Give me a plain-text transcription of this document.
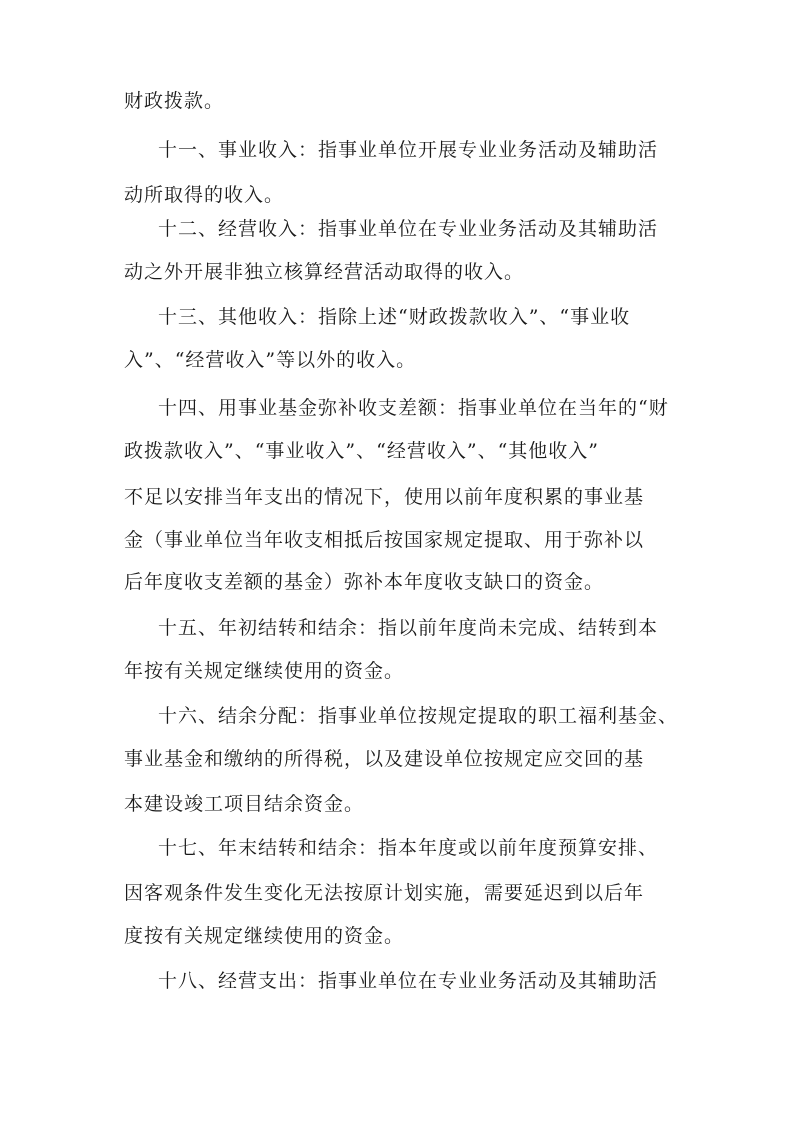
财政拨款。

十一、事业收入：指事业单位开展专业业务活动及辅助活

动所取得的收入。

十二、经营收入：指事业单位在专业业务活动及其辅助活

动之外开展非独立核算经营活动取得的收入。

十三、其他收入：指除上述“财政拨款收入”、“事业收

入”、“经营收入”等以外的收入。

十四、用事业基金弥补收支差额：指事业单位在当年的“财

政拨款收入”、“事业收入”、“经营收入”、“其他收入”

不足以安排当年支出的情况下，使用以前年度积累的事业基

金（事业单位当年收支相抵后按国家规定提取、用于弥补以

后年度收支差额的基金）弥补本年度收支缺口的资金。

十五、年初结转和结余：指以前年度尚未完成、结转到本

年按有关规定继续使用的资金。

十六、结余分配：指事业单位按规定提取的职工福利基金、

事业基金和缴纳的所得税，以及建设单位按规定应交回的基

本建设竣工项目结余资金。

十七、年末结转和结余：指本年度或以前年度预算安排、

因客观条件发生变化无法按原计划实施，需要延迟到以后年

度按有关规定继续使用的资金。

十八、经营支出：指事业单位在专业业务活动及其辅助活
